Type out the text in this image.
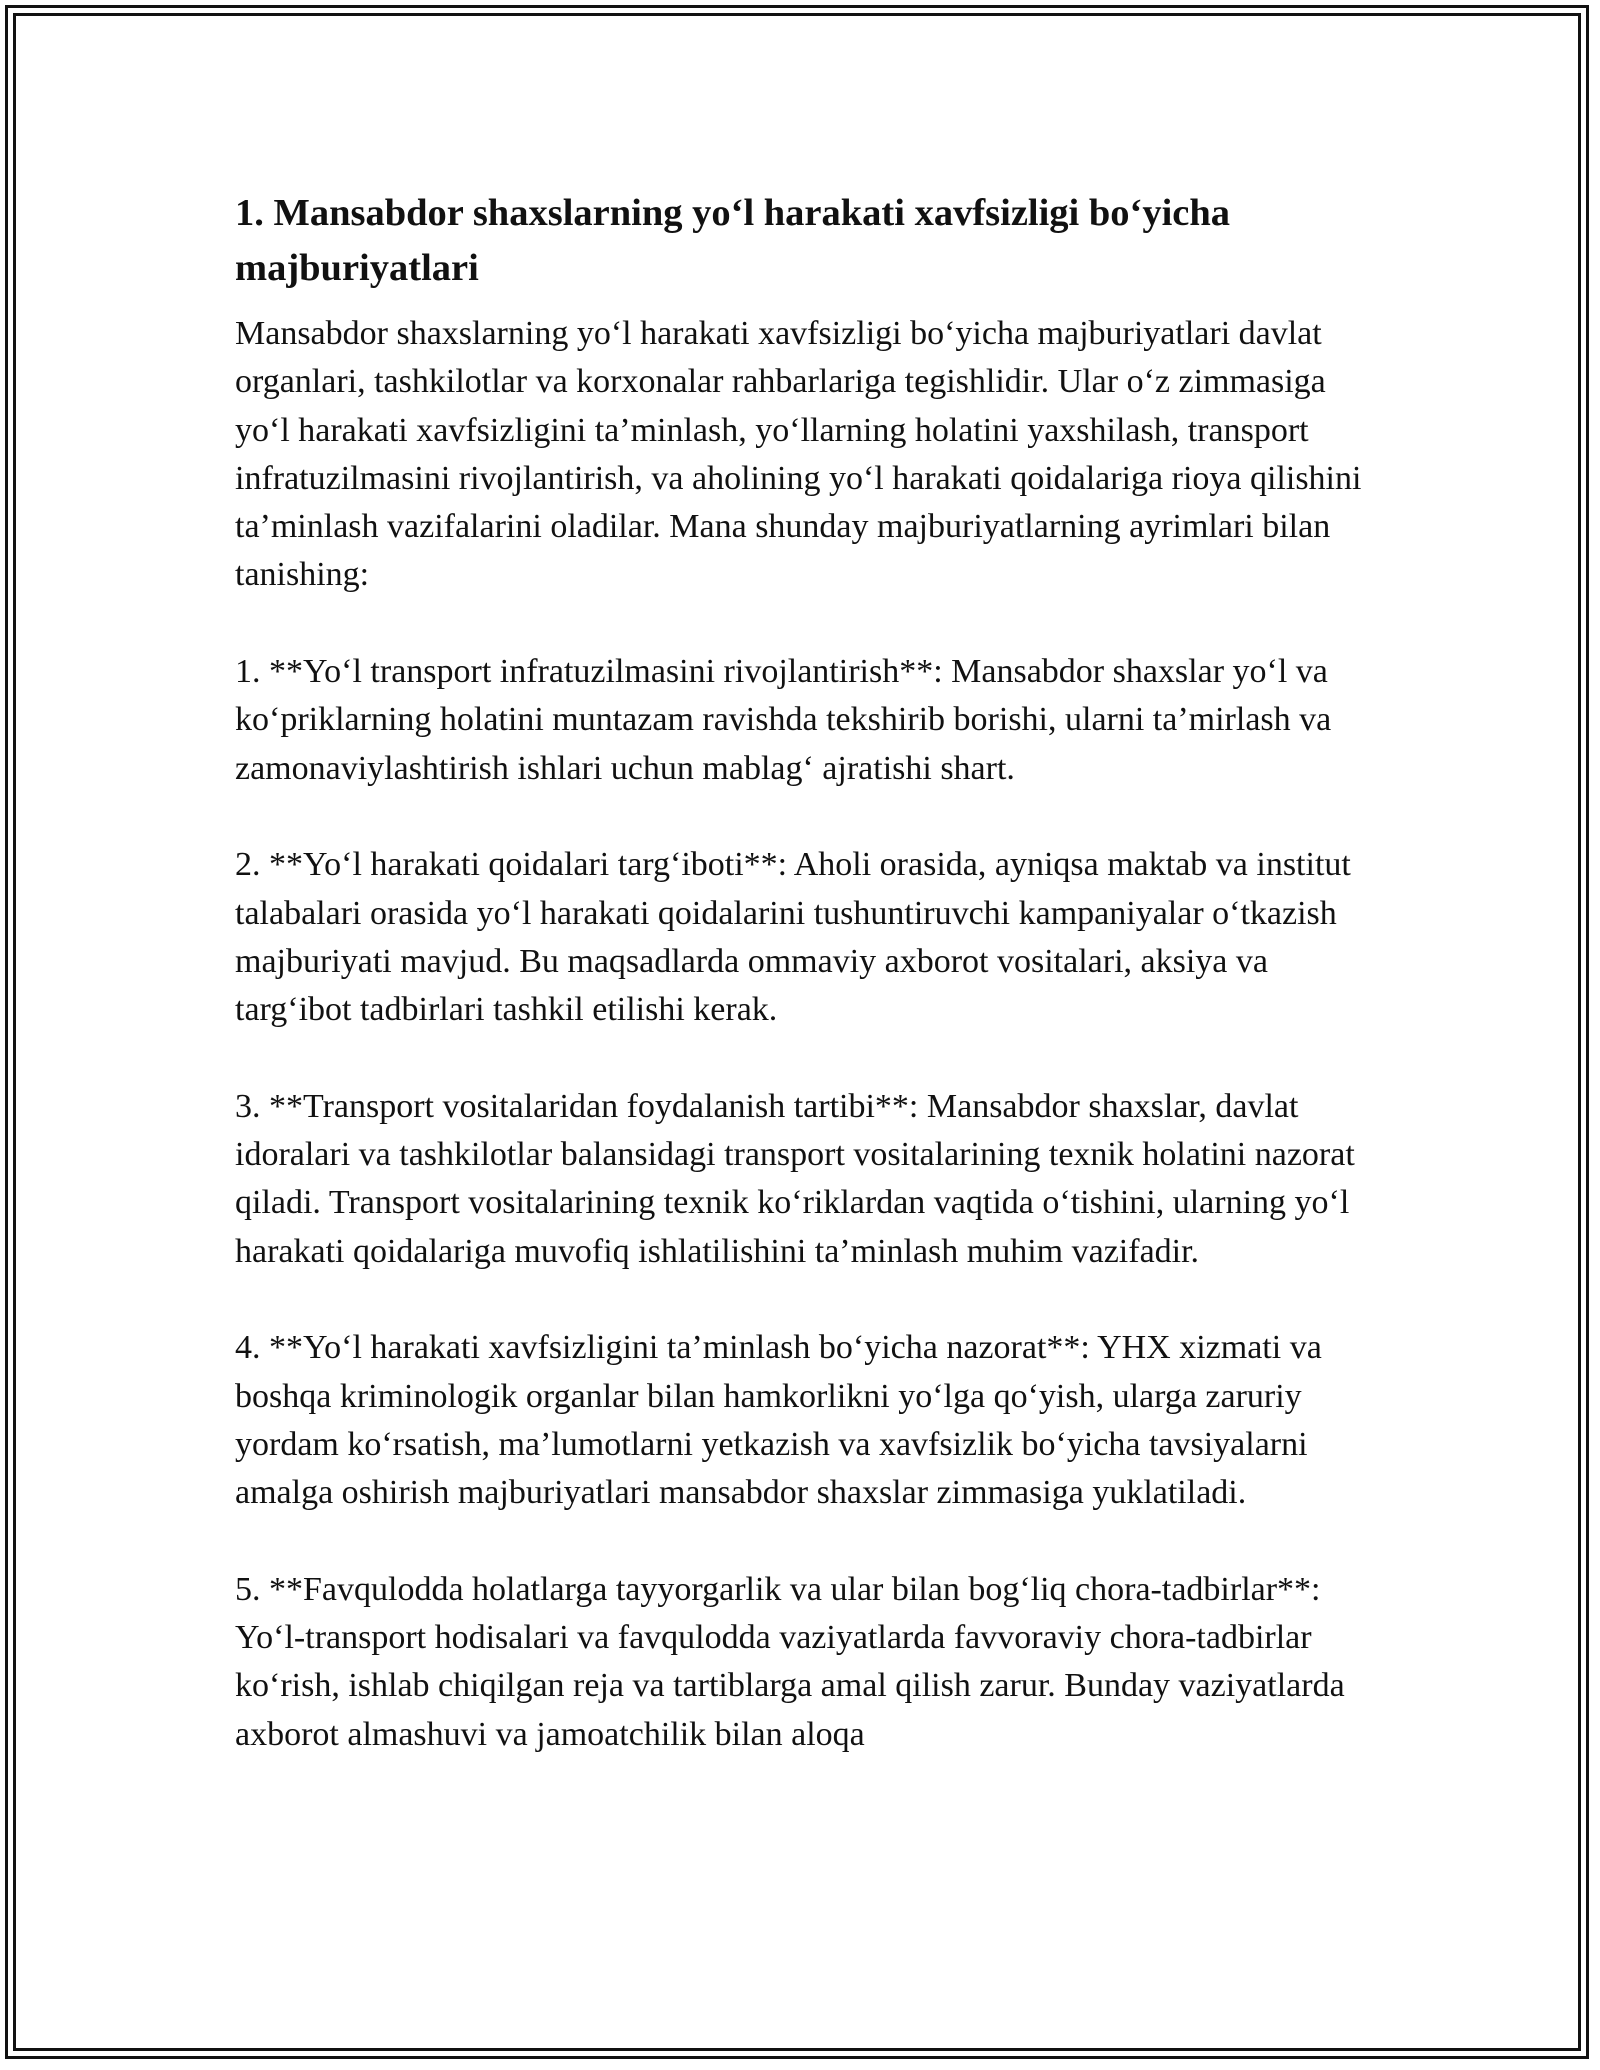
1. Mansabdor shaxslarning yo‘l harakati xavfsizligi bo‘yicha majburiyatlari

Mansabdor shaxslarning yo‘l harakati xavfsizligi bo‘yicha majburiyatlari davlat organlari, tashkilotlar va korxonalar rahbarlariga tegishlidir. Ular o‘z zimmasiga yo‘l harakati xavfsizligini ta’minlash, yo‘llarning holatini yaxshilash, transport infratuzilmasini rivojlantirish, va aholining yo‘l harakati qoidalariga rioya qilishini ta’minlash vazifalarini oladilar. Mana shunday majburiyatlarning ayrimlari bilan tanishing:

1. **Yo‘l transport infratuzilmasini rivojlantirish**: Mansabdor shaxslar yo‘l va ko‘priklarning holatini muntazam ravishda tekshirib borishi, ularni ta’mirlash va zamonaviylashtirish ishlari uchun mablag‘ ajratishi shart.

2. **Yo‘l harakati qoidalari targ‘iboti**: Aholi orasida, ayniqsa maktab va institut talabalari orasida yo‘l harakati qoidalarini tushuntiruvchi kampaniyalar o‘tkazish majburiyati mavjud. Bu maqsadlarda ommaviy axborot vositalari, aksiya va targ‘ibot tadbirlari tashkil etilishi kerak.

3. **Transport vositalaridan foydalanish tartibi**: Mansabdor shaxslar, davlat idoralari va tashkilotlar balansidagi transport vositalarining texnik holatini nazorat qiladi. Transport vositalarining texnik ko‘riklardan vaqtida o‘tishini, ularning yo‘l harakati qoidalariga muvofiq ishlatilishini ta’minlash muhim vazifadir.

4. **Yo‘l harakati xavfsizligini ta’minlash bo‘yicha nazorat**: YHX xizmati va boshqa kriminologik organlar bilan hamkorlikni yo‘lga qo‘yish, ularga zaruriy yordam ko‘rsatish, ma’lumotlarni yetkazish va xavfsizlik bo‘yicha tavsiyalarni amalga oshirish majburiyatlari mansabdor shaxslar zimmasiga yuklatiladi.

5. **Favqulodda holatlarga tayyorgarlik va ular bilan bog‘liq chora-tadbirlar**: Yo‘l-transport hodisalari va favqulodda vaziyatlarda favvoraviy chora-tadbirlar ko‘rish, ishlab chiqilgan reja va tartiblarga amal qilish zarur. Bunday vaziyatlarda axborot almashuvi va jamoatchilik bilan aloqa
